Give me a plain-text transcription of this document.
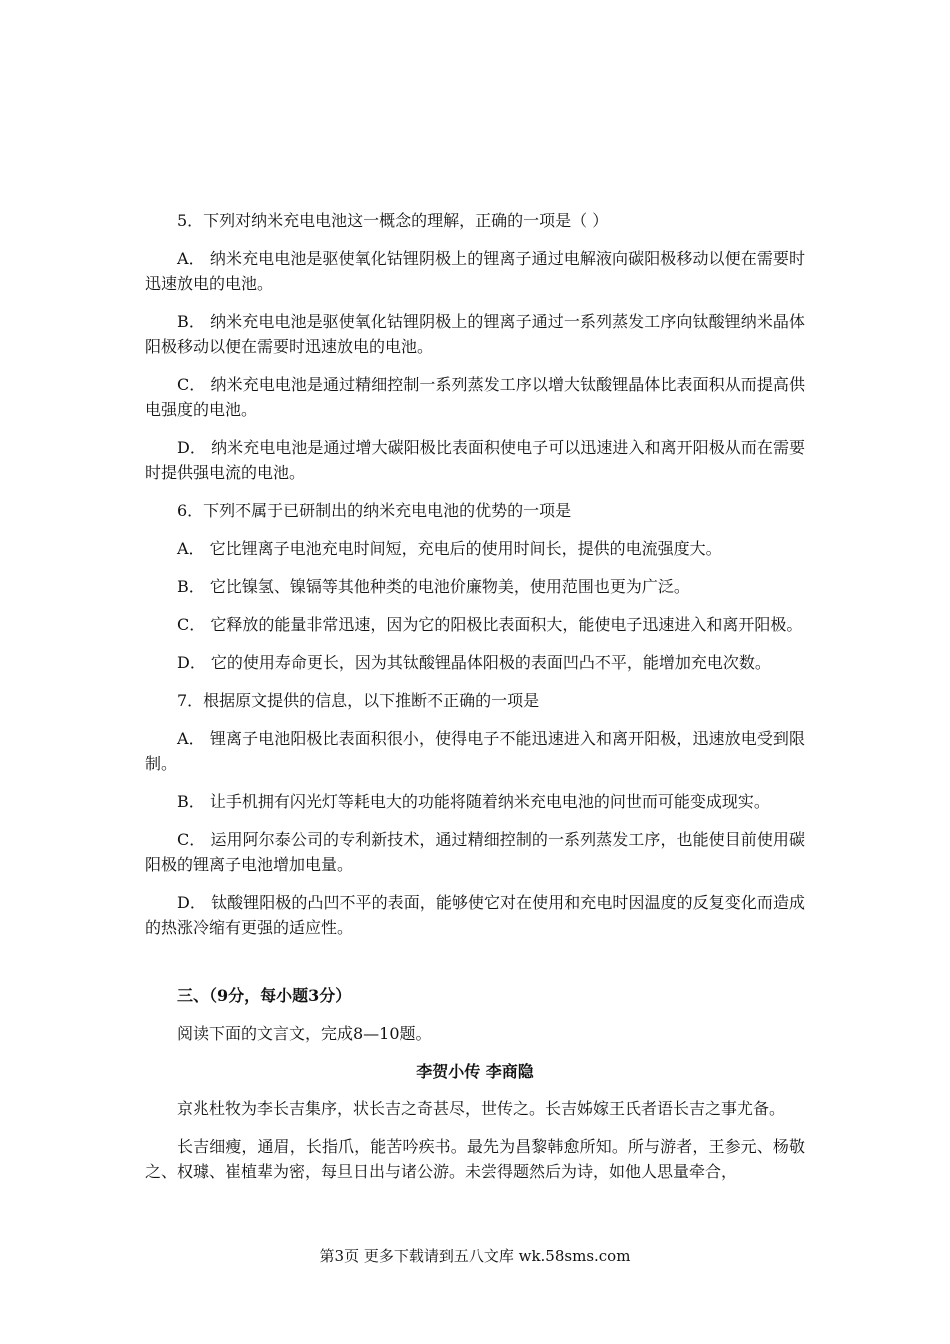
5．下列对纳米充电电池这一概念的理解，正确的一项是（ ）

A． 纳米充电电池是驱使氧化钴锂阴极上的锂离子通过电解液向碳阳极移动以便在需要时迅速放电的电池。

B． 纳米充电电池是驱使氧化钴锂阴极上的锂离子通过一系列蒸发工序向钛酸锂纳米晶体阳极移动以便在需要时迅速放电的电池。

C． 纳米充电电池是通过精细控制一系列蒸发工序以增大钛酸锂晶体比表面积从而提高供电强度的电池。

D． 纳米充电电池是通过增大碳阳极比表面积使电子可以迅速进入和离开阳极从而在需要时提供强电流的电池。

6．下列不属于已研制出的纳米充电电池的优势的一项是

A． 它比锂离子电池充电时间短，充电后的使用时间长，提供的电流强度大。

B． 它比镍氢、镍镉等其他种类的电池价廉物美，使用范围也更为广泛。

C． 它释放的能量非常迅速，因为它的阳极比表面积大，能使电子迅速进入和离开阳极。

D． 它的使用寿命更长，因为其钛酸锂晶体阳极的表面凹凸不平，能增加充电次数。

7．根据原文提供的信息，以下推断不正确的一项是

A． 锂离子电池阳极比表面积很小，使得电子不能迅速进入和离开阳极，迅速放电受到限制。

B． 让手机拥有闪光灯等耗电大的功能将随着纳米充电电池的问世而可能变成现实。

C． 运用阿尔泰公司的专利新技术，通过精细控制的一系列蒸发工序，也能使目前使用碳阳极的锂离子电池增加电量。

D． 钛酸锂阳极的凸凹不平的表面，能够使它对在使用和充电时因温度的反复变化而造成的热涨冷缩有更强的适应性。

三、（9分，每小题3分）

阅读下面的文言文，完成8—10题。

李贺小传 李商隐

京兆杜牧为李长吉集序，状长吉之奇甚尽，世传之。长吉姊嫁王氏者语长吉之事尤备。

长吉细瘦，通眉，长指爪，能苦吟疾书。最先为昌黎韩愈所知。所与游者，王参元、杨敬之、权璩、崔植辈为密，每旦日出与诸公游。未尝得题然后为诗，如他人思量牵合，

第3页 更多下载请到五八文库 wk.58sms.com
